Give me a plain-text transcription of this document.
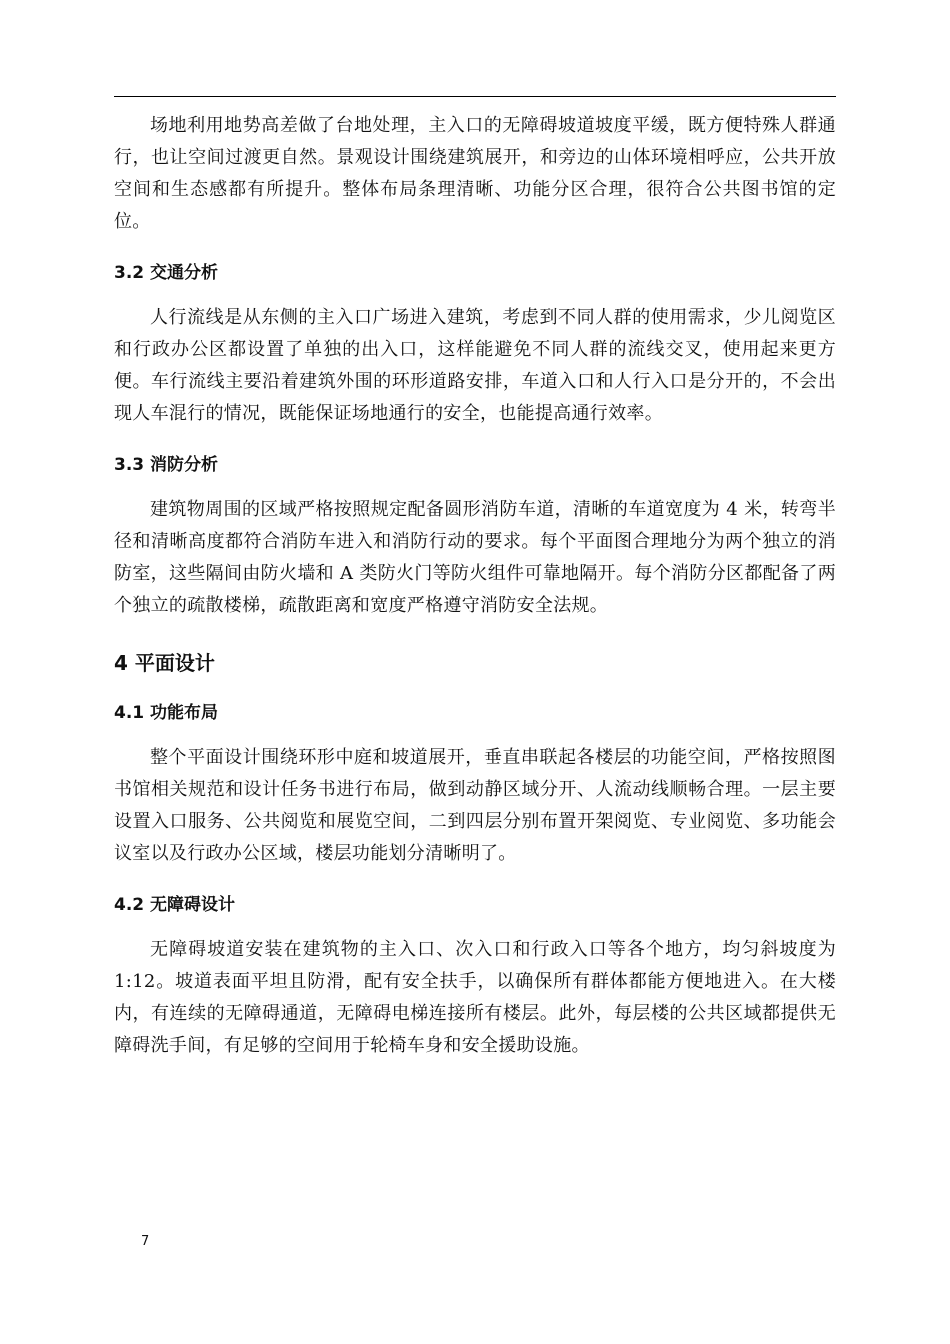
场地利用地势高差做了台地处理，主入口的无障碍坡道坡度平缓，既方便特殊人群通行，也让空间过渡更自然。景观设计围绕建筑展开，和旁边的山体环境相呼应，公共开放空间和生态感都有所提升。整体布局条理清晰、功能分区合理，很符合公共图书馆的定位。

3.2 交通分析

人行流线是从东侧的主入口广场进入建筑，考虑到不同人群的使用需求，少儿阅览区和行政办公区都设置了单独的出入口，这样能避免不同人群的流线交叉，使用起来更方便。车行流线主要沿着建筑外围的环形道路安排，车道入口和人行入口是分开的，不会出现人车混行的情况，既能保证场地通行的安全，也能提高通行效率。

3.3 消防分析

建筑物周围的区域严格按照规定配备圆形消防车道，清晰的车道宽度为 4 米，转弯半径和清晰高度都符合消防车进入和消防行动的要求。每个平面图合理地分为两个独立的消防室，这些隔间由防火墙和 A 类防火门等防火组件可靠地隔开。每个消防分区都配备了两个独立的疏散楼梯，疏散距离和宽度严格遵守消防安全法规。

4 平面设计
4.1 功能布局

整个平面设计围绕环形中庭和坡道展开，垂直串联起各楼层的功能空间，严格按照图书馆相关规范和设计任务书进行布局，做到动静区域分开、人流动线顺畅合理。一层主要设置入口服务、公共阅览和展览空间，二到四层分别布置开架阅览、专业阅览、多功能会议室以及行政办公区域，楼层功能划分清晰明了。

4.2 无障碍设计

无障碍坡道安装在建筑物的主入口、次入口和行政入口等各个地方，均匀斜坡度为 1:12。坡道表面平坦且防滑，配有安全扶手，以确保所有群体都能方便地进入。在大楼内，有连续的无障碍通道，无障碍电梯连接所有楼层。此外，每层楼的公共区域都提供无障碍洗手间，有足够的空间用于轮椅车身和安全援助设施。

7
